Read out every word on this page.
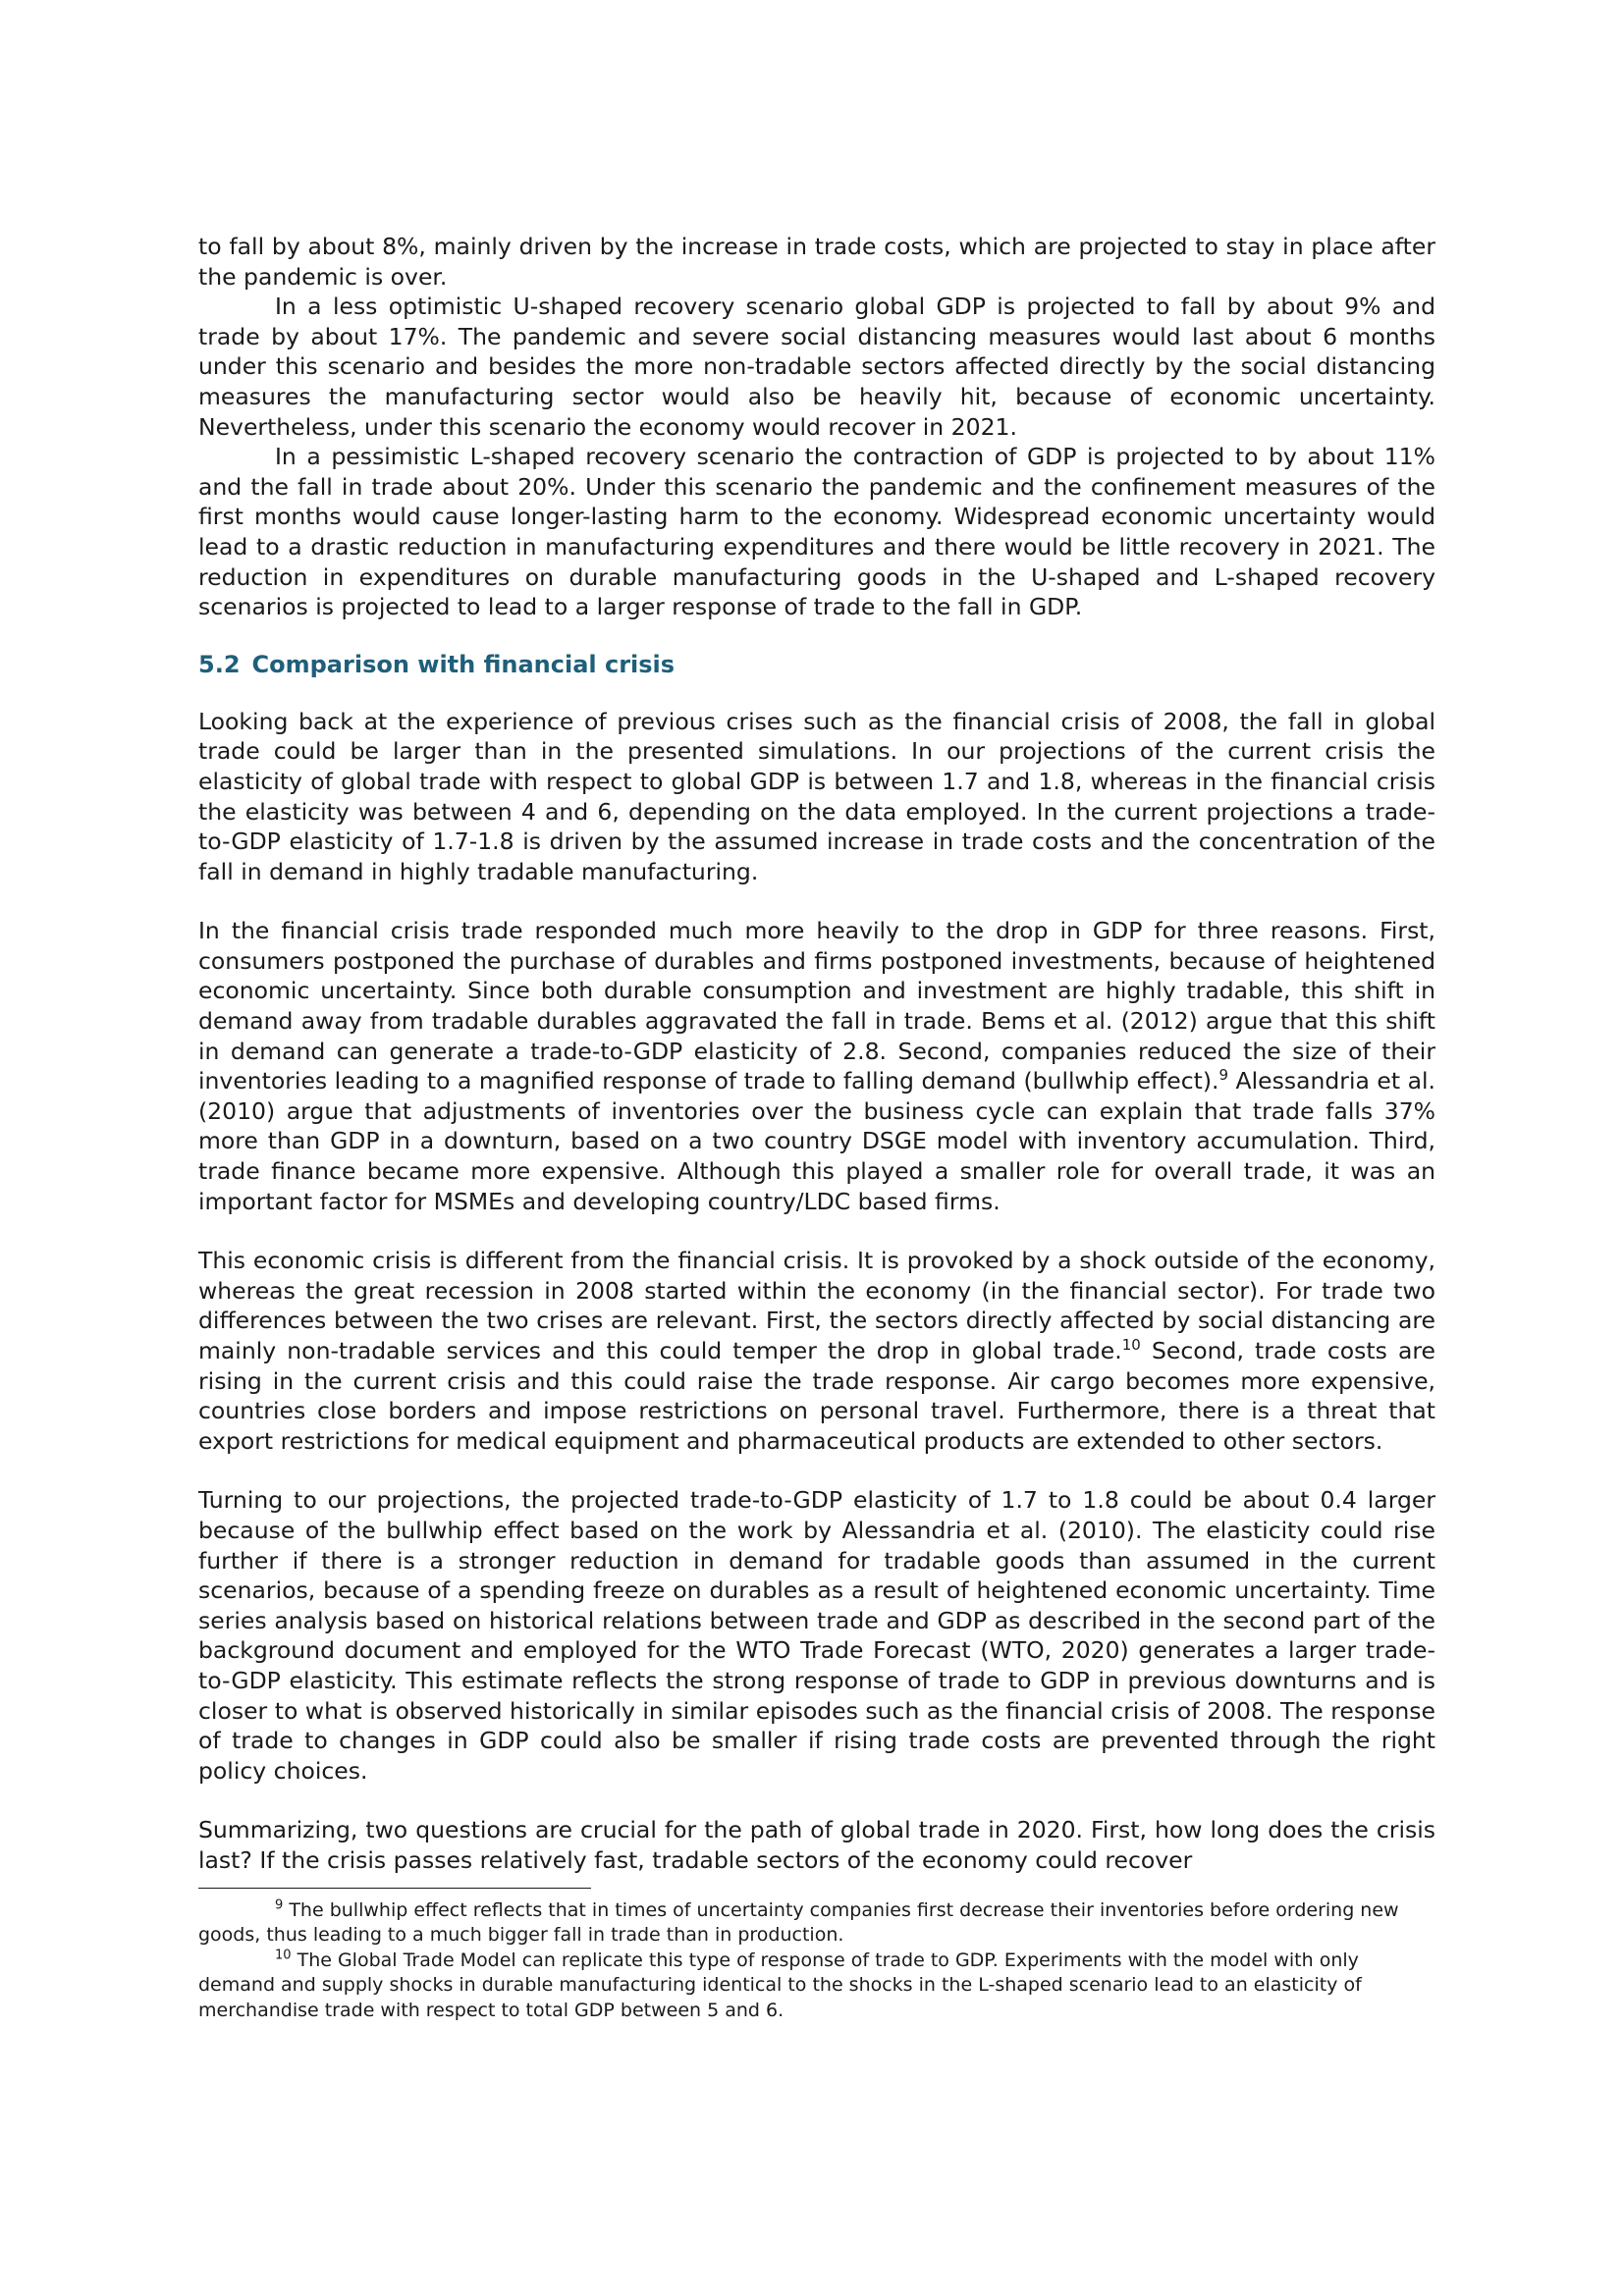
to fall by about 8%, mainly driven by the increase in trade costs, which are projected to stay in place after the pandemic is over.

In a less optimistic U-shaped recovery scenario global GDP is projected to fall by about 9% and trade by about 17%. The pandemic and severe social distancing measures would last about 6 months under this scenario and besides the more non-tradable sectors affected directly by the social distancing measures the manufacturing sector would also be heavily hit, because of economic uncertainty. Nevertheless, under this scenario the economy would recover in 2021.

In a pessimistic L-shaped recovery scenario the contraction of GDP is projected to by about 11% and the fall in trade about 20%. Under this scenario the pandemic and the confinement measures of the first months would cause longer-lasting harm to the economy. Widespread economic uncertainty would lead to a drastic reduction in manufacturing expenditures and there would be little recovery in 2021. The reduction in expenditures on durable manufacturing goods in the U-shaped and L-shaped recovery scenarios is projected to lead to a larger response of trade to the fall in GDP.

5.2 Comparison with financial crisis

Looking back at the experience of previous crises such as the financial crisis of 2008, the fall in global trade could be larger than in the presented simulations. In our projections of the current crisis the elasticity of global trade with respect to global GDP is between 1.7 and 1.8, whereas in the financial crisis the elasticity was between 4 and 6, depending on the data employed. In the current projections a trade-to-GDP elasticity of 1.7-1.8 is driven by the assumed increase in trade costs and the concentration of the fall in demand in highly tradable manufacturing.

In the financial crisis trade responded much more heavily to the drop in GDP for three reasons. First, consumers postponed the purchase of durables and firms postponed investments, because of heightened economic uncertainty. Since both durable consumption and investment are highly tradable, this shift in demand away from tradable durables aggravated the fall in trade. Bems et al. (2012) argue that this shift in demand can generate a trade-to-GDP elasticity of 2.8. Second, companies reduced the size of their inventories leading to a magnified response of trade to falling demand (bullwhip effect).$^9$ Alessandria et al. (2010) argue that adjustments of inventories over the business cycle can explain that trade falls 37% more than GDP in a downturn, based on a two country DSGE model with inventory accumulation. Third, trade finance became more expensive. Although this played a smaller role for overall trade, it was an important factor for MSMEs and developing country/LDC based firms.

This economic crisis is different from the financial crisis. It is provoked by a shock outside of the economy, whereas the great recession in 2008 started within the economy (in the financial sector). For trade two differences between the two crises are relevant. First, the sectors directly affected by social distancing are mainly non-tradable services and this could temper the drop in global trade.$^{10}$ Second, trade costs are rising in the current crisis and this could raise the trade response. Air cargo becomes more expensive, countries close borders and impose restrictions on personal travel. Furthermore, there is a threat that export restrictions for medical equipment and pharmaceutical products are extended to other sectors.

Turning to our projections, the projected trade-to-GDP elasticity of 1.7 to 1.8 could be about 0.4 larger because of the bullwhip effect based on the work by Alessandria et al. (2010). The elasticity could rise further if there is a stronger reduction in demand for tradable goods than assumed in the current scenarios, because of a spending freeze on durables as a result of heightened economic uncertainty. Time series analysis based on historical relations between trade and GDP as described in the second part of the background document and employed for the WTO Trade Forecast (WTO, 2020) generates a larger trade-to-GDP elasticity. This estimate reflects the strong response of trade to GDP in previous downturns and is closer to what is observed historically in similar episodes such as the financial crisis of 2008. The response of trade to changes in GDP could also be smaller if rising trade costs are prevented through the right policy choices.

Summarizing, two questions are crucial for the path of global trade in 2020. First, how long does the crisis last? If the crisis passes relatively fast, tradable sectors of the economy could recover

$^9$ The bullwhip effect reflects that in times of uncertainty companies first decrease their inventories before ordering new goods, thus leading to a much bigger fall in trade than in production.

$^{10}$ The Global Trade Model can replicate this type of response of trade to GDP. Experiments with the model with only demand and supply shocks in durable manufacturing identical to the shocks in the L-shaped scenario lead to an elasticity of merchandise trade with respect to total GDP between 5 and 6.
